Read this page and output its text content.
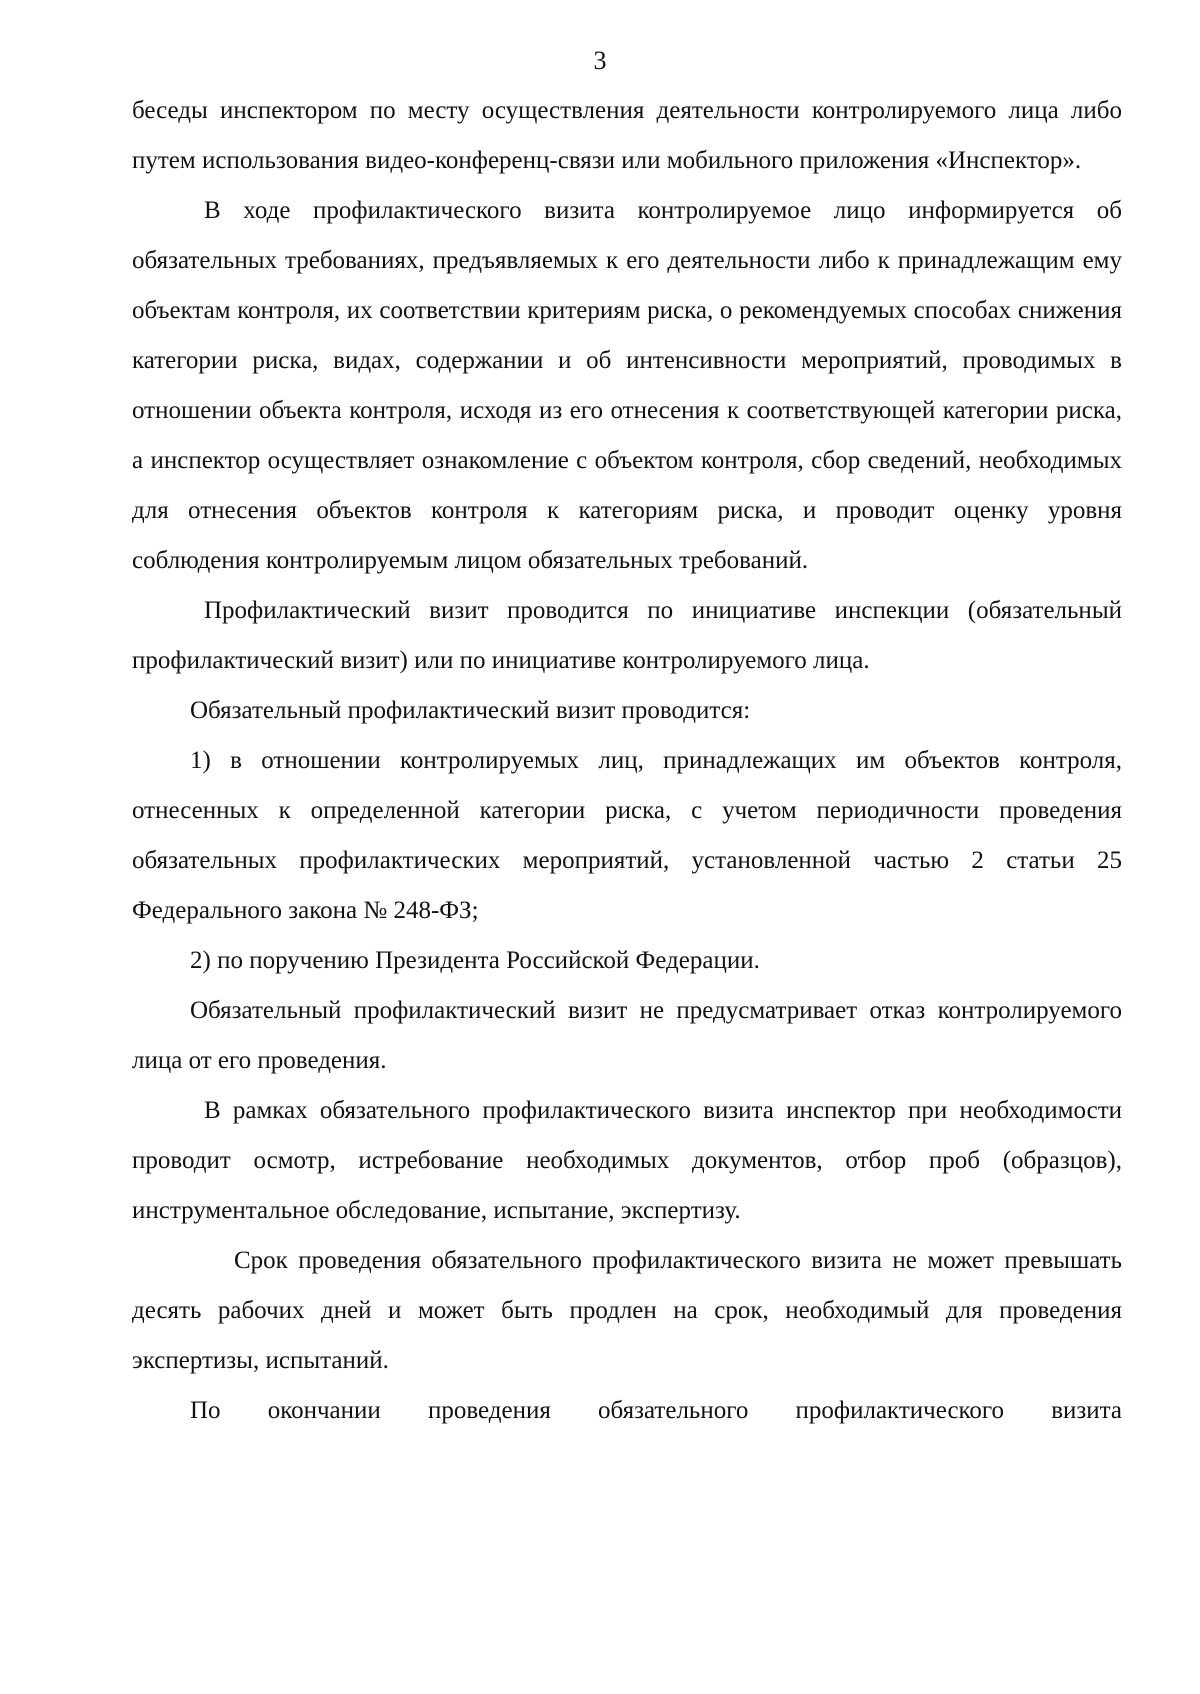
3

беседы инспектором по месту осуществления деятельности контролируемого лица либо путем использования видео-конференц-связи или мобильного приложения «Инспектор».

В ходе профилактического визита контролируемое лицо информируется об обязательных требованиях, предъявляемых к его деятельности либо к принадлежащим ему объектам контроля, их соответствии критериям риска, о рекомендуемых способах снижения категории риска, видах, содержании и об интенсивности мероприятий, проводимых в отношении объекта контроля, исходя из его отнесения к соответствующей категории риска, а инспектор осуществляет ознакомление с объектом контроля, сбор сведений, необходимых для отнесения объектов контроля к категориям риска, и проводит оценку уровня соблюдения контролируемым лицом обязательных требований.

Профилактический визит проводится по инициативе инспекции (обязательный профилактический визит) или по инициативе контролируемого лица.

Обязательный профилактический визит проводится:

1) в отношении контролируемых лиц, принадлежащих им объектов контроля, отнесенных к определенной категории риска, с учетом периодичности проведения обязательных профилактических мероприятий, установленной частью 2 статьи 25 Федерального закона № 248-ФЗ;

2) по поручению Президента Российской Федерации.

Обязательный профилактический визит не предусматривает отказ контролируемого лица от его проведения.

В рамках обязательного профилактического визита инспектор при необходимости проводит осмотр, истребование необходимых документов, отбор проб (образцов), инструментальное обследование, испытание, экспертизу.

Срок проведения обязательного профилактического визита не может превышать десять рабочих дней и может быть продлен на срок, необходимый для проведения экспертизы, испытаний.

По окончании проведения обязательного профилактического визита
